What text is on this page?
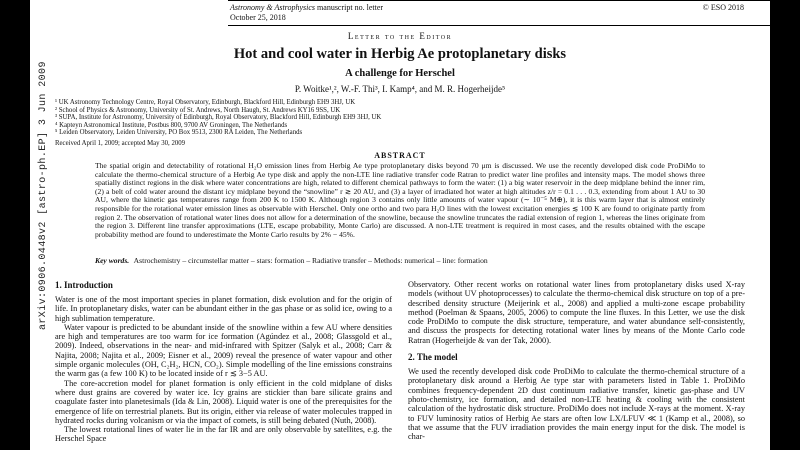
arXiv:0906.0448v2 [astro-ph.EP] 3 Jun 2009
Astronomy & Astrophysics manuscript no. letter
October 25, 2018
© ESO 2018
Letter to the Editor
Hot and cool water in Herbig Ae protoplanetary disks
A challenge for Herschel
P. Woitke¹,², W.-F. Thi³, I. Kamp⁴, and M. R. Hogerheijde⁵
¹ UK Astronomy Technology Centre, Royal Observatory, Edinburgh, Blackford Hill, Edinburgh EH9 3HJ, UK
² School of Physics & Astronomy, University of St. Andrews, North Haugh, St. Andrews KY16 9SS, UK
³ SUPA, Institute for Astronomy, University of Edinburgh, Royal Observatory, Blackford Hill, Edinburgh EH9 3HJ, UK
⁴ Kapteyn Astronomical Institute, Postbus 800, 9700 AV Groningen, The Netherlands
⁵ Leiden Observatory, Leiden University, PO Box 9513, 2300 RA Leiden, The Netherlands
Received April 1, 2009; accepted May 30, 2009
ABSTRACT
The spatial origin and detectability of rotational H₂O emission lines from Herbig Ae type protoplanetary disks beyond 70 μm is discussed. We use the recently developed disk code ProDiMo to calculate the thermo-chemical structure of a Herbig Ae type disk and apply the non-LTE line radiative transfer code Ratran to predict water line profiles and intensity maps. The model shows three spatially distinct regions in the disk where water concentrations are high, related to different chemical pathways to form the water: (1) a big water reservoir in the deep midplane behind the inner rim, (2) a belt of cold water around the distant icy midplane beyond the “snowline” r ≳ 20 AU, and (3) a layer of irradiated hot water at high altitudes z/r = 0.1 . . . 0.3, extending from about 1 AU to 30 AU, where the kinetic gas temperatures range from 200 K to 1500 K. Although region 3 contains only little amounts of water vapour (∼ 10⁻⁵ M⊕), it is this warm layer that is almost entirely responsible for the rotational water emission lines as observable with Herschel. Only one ortho and two para H₂O lines with the lowest excitation energies ≲ 100 K are found to originate partly from region 2. The observation of rotational water lines does not allow for a determination of the snowline, because the snowline truncates the radial extension of region 1, whereas the lines originate from the region 3. Different line transfer approximations (LTE, escape probability, Monte Carlo) are discussed. A non-LTE treatment is required in most cases, and the results obtained with the escape probability method are found to underestimate the Monte Carlo results by 2% − 45%.
Key words. Astrochemistry – circumstellar matter – stars: formation – Radiative transfer – Methods: numerical – line: formation
1. Introduction
Water is one of the most important species in planet formation, disk evolution and for the origin of life. In protoplanetary disks, water can be abundant either in the gas phase or as solid ice, owing to a high sublimation temperature.
Water vapour is predicted to be abundant inside of the snowline within a few AU where densities are high and temperatures are too warm for ice formation (Agúndez et al., 2008; Glassgold et al., 2009). Indeed, observations in the near- and mid-infrared with Spitzer (Salyk et al., 2008; Carr & Najita, 2008; Najita et al., 2009; Eisner et al., 2009) reveal the presence of water vapour and other simple organic molecules (OH, C₂H₂, HCN, CO₂). Simple modelling of the line emissions constrains the warm gas (a few 100 K) to be located inside of r ≲ 3−5 AU.
The core-accretion model for planet formation is only efficient in the cold midplane of disks where dust grains are covered by water ice. Icy grains are stickier than bare silicate grains and coagulate faster into planetesimals (Ida & Lin, 2008). Liquid water is one of the prerequisites for the emergence of life on terrestrial planets. But its origin, either via release of water molecules trapped in hydrated rocks during volcanism or via the impact of comets, is still being debated (Nuth, 2008).
The lowest rotational lines of water lie in the far IR and are only observable by satellites, e.g. the Herschel Space
Observatory. Other recent works on rotational water lines from protoplanetary disks used X-ray models (without UV photoprocesses) to calculate the thermo-chemical disk structure on top of a pre-described density structure (Meijerink et al., 2008) and applied a multi-zone escape probability method (Poelman & Spaans, 2005, 2006) to compute the line fluxes. In this Letter, we use the disk code ProDiMo to compute the disk structure, temperature, and water abundance self-consistently, and discuss the prospects for detecting rotational water lines by means of the Monte Carlo code Ratran (Hogerheijde & van der Tak, 2000).
2. The model
We used the recently developed disk code ProDiMo to calculate the thermo-chemical structure of a protoplanetary disk around a Herbig Ae type star with parameters listed in Table 1. ProDiMo combines frequency-dependent 2D dust continuum radiative transfer, kinetic gas-phase and UV photo-chemistry, ice formation, and detailed non-LTE heating & cooling with the consistent calculation of the hydrostatic disk structure. ProDiMo does not include X-rays at the moment. X-ray to FUV luminosity ratios of Herbig Ae stars are often low LX/LFUV ≪ 1 (Kamp et al., 2008), so that we assume that the FUV irradiation provides the main energy input for the disk. The model is char-
